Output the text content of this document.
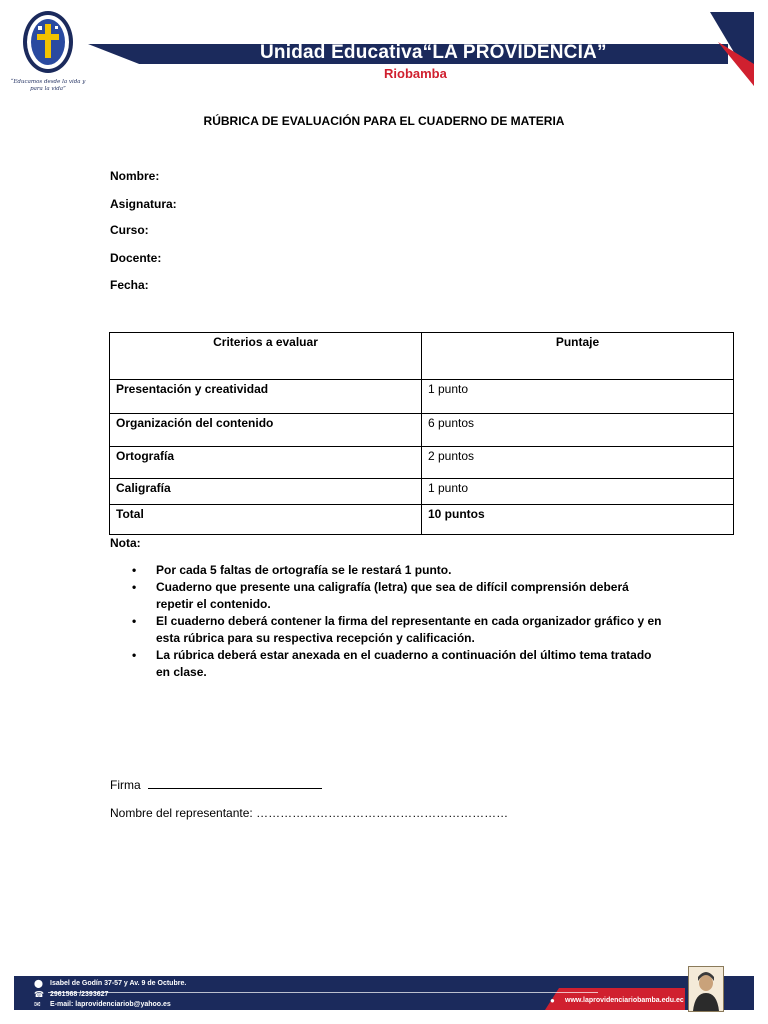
“Educamos desde la vida y para la vida”
Unidad Educativa“LA PROVIDENCIA”
Riobamba
RÚBRICA DE EVALUACIÓN PARA EL CUADERNO DE MATERIA
Nombre:
Asignatura:
Curso:
Docente:
Fecha:
Criterios a evaluar	Puntaje
Presentación y creatividad	1 punto
Organización del contenido	6 puntos
Ortografía	2 puntos
Caligrafía	1 punto
Total	10 puntos
Nota:
• Por cada 5 faltas de ortografía se le restará 1 punto.
• Cuaderno que presente una caligrafía (letra) que sea de difícil comprensión deberá repetir el contenido.
• El cuaderno deberá contener la firma del representante en cada organizador gráfico y en esta rúbrica para su respectiva recepción y calificación.
• La rúbrica deberá estar anexada en el cuaderno a continuación del último tema tratado en clase.
Firma
Nombre del representante: ………………………………………………………
⬤ Isabel de Godín 37-57 y Av. 9 de Octubre.
☎ 2961568 /2393627
✉ E-mail: laprovidenciariob@yahoo.es	● www.laprovidenciariobamba.edu.ec
